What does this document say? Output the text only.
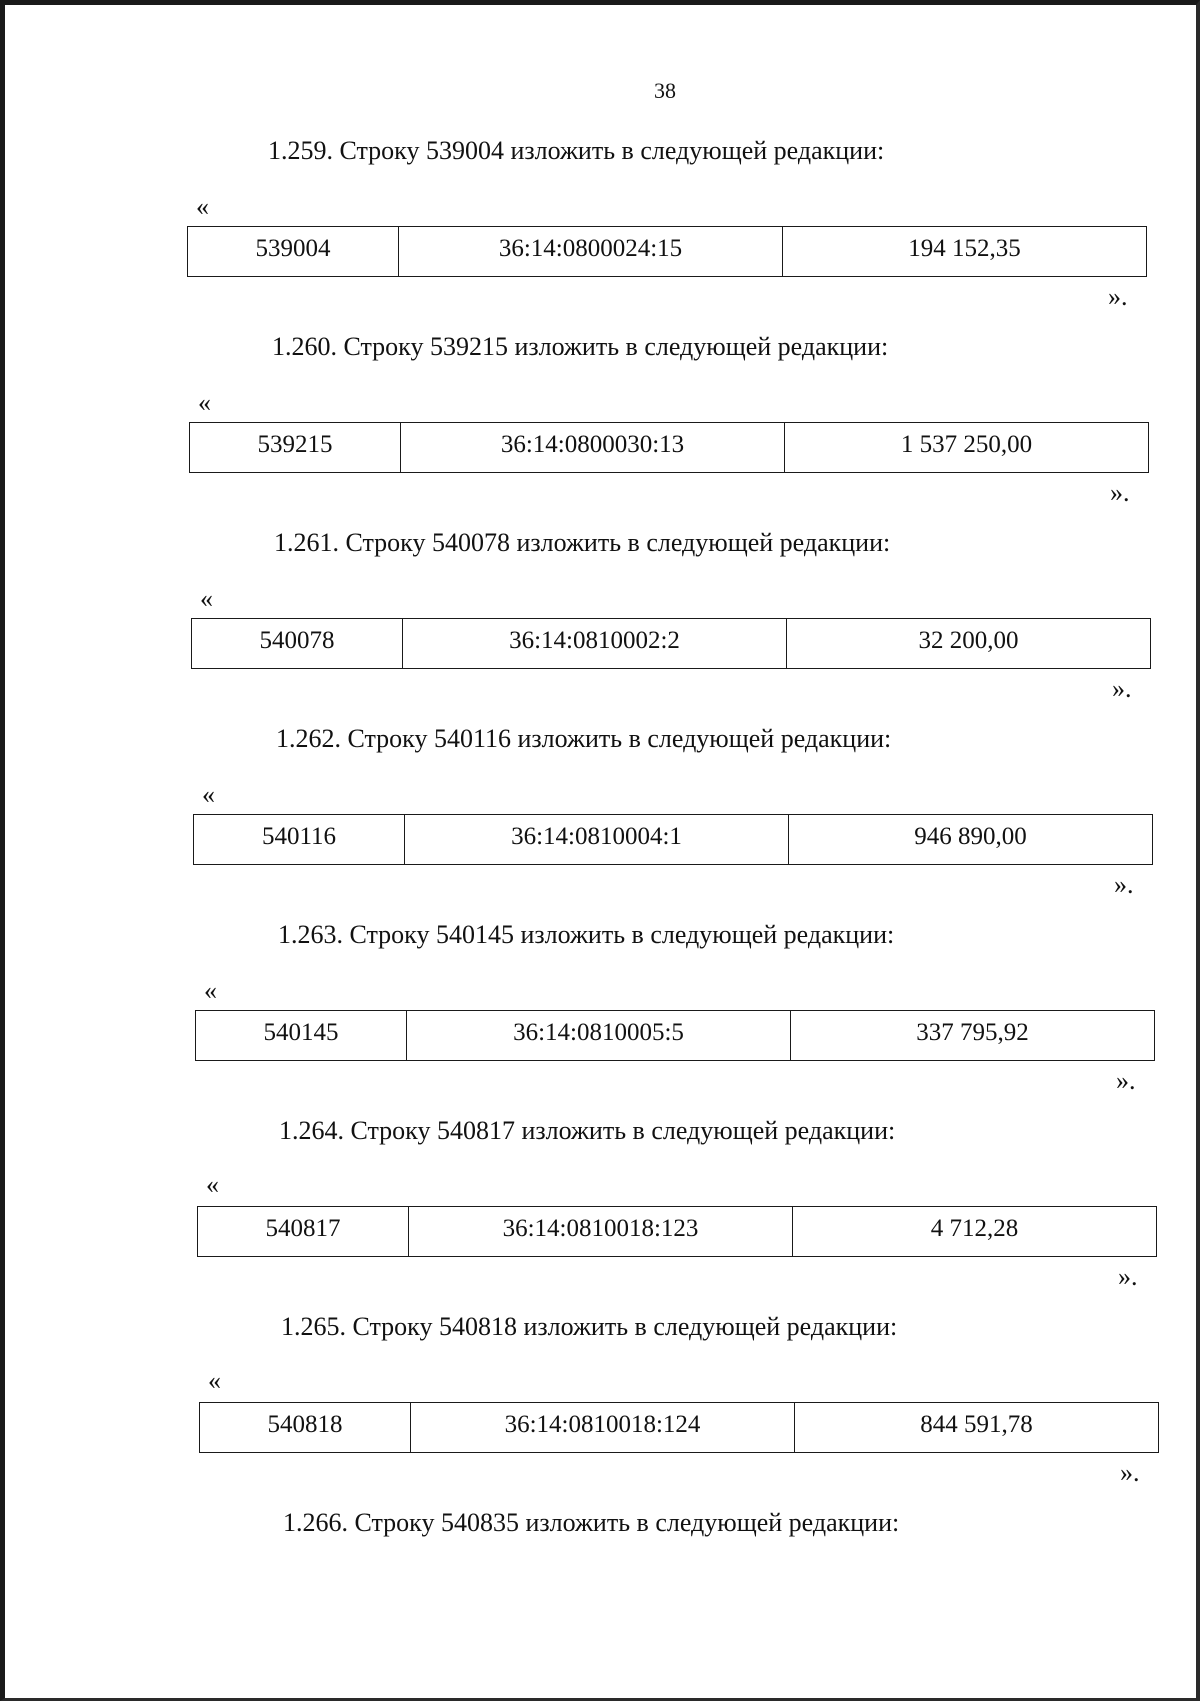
38
1.259. Строку 539004 изложить в следующей редакции:
«
539004	36:14:0800024:15	194 152,35
».
1.260. Строку 539215 изложить в следующей редакции:
«
539215	36:14:0800030:13	1 537 250,00
».
1.261. Строку 540078 изложить в следующей редакции:
«
540078	36:14:0810002:2	32 200,00
».
1.262. Строку 540116 изложить в следующей редакции:
«
540116	36:14:0810004:1	946 890,00
».
1.263. Строку 540145 изложить в следующей редакции:
«
540145	36:14:0810005:5	337 795,92
».
1.264. Строку 540817 изложить в следующей редакции:
«
540817	36:14:0810018:123	4 712,28
».
1.265. Строку 540818 изложить в следующей редакции:
«
540818	36:14:0810018:124	844 591,78
».
1.266. Строку 540835 изложить в следующей редакции:
